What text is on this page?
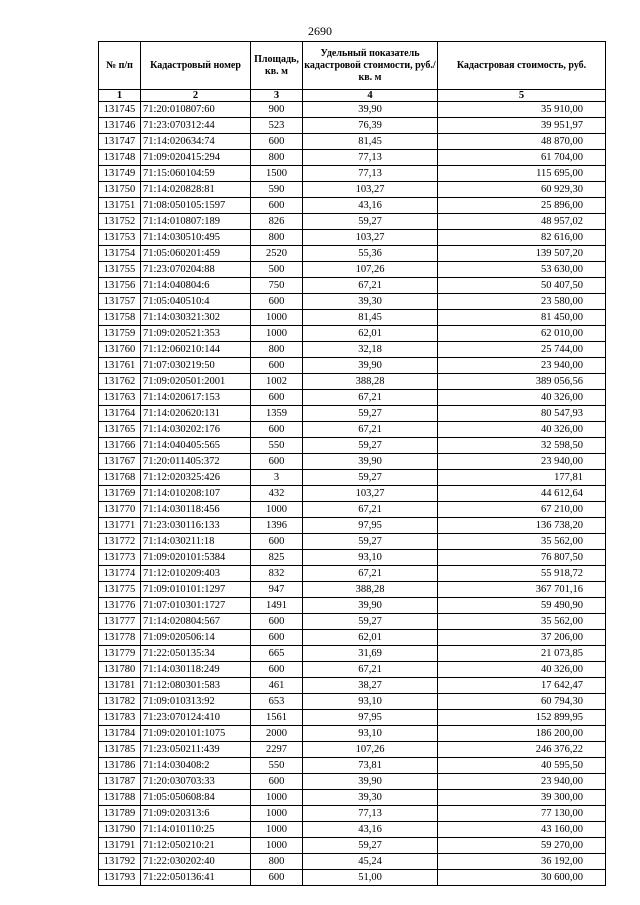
2690
№ п/п	Кадастровый номер	Площадь, кв. м	Удельный показатель кадастровой стоимости, руб./кв. м	Кадастровая стоимость, руб.
1	2	3	4	5
131745	71:20:010807:60	900	39,90	35 910,00
131746	71:23:070312:44	523	76,39	39 951,97
131747	71:14:020634:74	600	81,45	48 870,00
131748	71:09:020415:294	800	77,13	61 704,00
131749	71:15:060104:59	1500	77,13	115 695,00
131750	71:14:020828:81	590	103,27	60 929,30
131751	71:08:050105:1597	600	43,16	25 896,00
131752	71:14:010807:189	826	59,27	48 957,02
131753	71:14:030510:495	800	103,27	82 616,00
131754	71:05:060201:459	2520	55,36	139 507,20
131755	71:23:070204:88	500	107,26	53 630,00
131756	71:14:040804:6	750	67,21	50 407,50
131757	71:05:040510:4	600	39,30	23 580,00
131758	71:14:030321:302	1000	81,45	81 450,00
131759	71:09:020521:353	1000	62,01	62 010,00
131760	71:12:060210:144	800	32,18	25 744,00
131761	71:07:030219:50	600	39,90	23 940,00
131762	71:09:020501:2001	1002	388,28	389 056,56
131763	71:14:020617:153	600	67,21	40 326,00
131764	71:14:020620:131	1359	59,27	80 547,93
131765	71:14:030202:176	600	67,21	40 326,00
131766	71:14:040405:565	550	59,27	32 598,50
131767	71:20:011405:372	600	39,90	23 940,00
131768	71:12:020325:426	3	59,27	177,81
131769	71:14:010208:107	432	103,27	44 612,64
131770	71:14:030118:456	1000	67,21	67 210,00
131771	71:23:030116:133	1396	97,95	136 738,20
131772	71:14:030211:18	600	59,27	35 562,00
131773	71:09:020101:5384	825	93,10	76 807,50
131774	71:12:010209:403	832	67,21	55 918,72
131775	71:09:010101:1297	947	388,28	367 701,16
131776	71:07:010301:1727	1491	39,90	59 490,90
131777	71:14:020804:567	600	59,27	35 562,00
131778	71:09:020506:14	600	62,01	37 206,00
131779	71:22:050135:34	665	31,69	21 073,85
131780	71:14:030118:249	600	67,21	40 326,00
131781	71:12:080301:583	461	38,27	17 642,47
131782	71:09:010313:92	653	93,10	60 794,30
131783	71:23:070124:410	1561	97,95	152 899,95
131784	71:09:020101:1075	2000	93,10	186 200,00
131785	71:23:050211:439	2297	107,26	246 376,22
131786	71:14:030408:2	550	73,81	40 595,50
131787	71:20:030703:33	600	39,90	23 940,00
131788	71:05:050608:84	1000	39,30	39 300,00
131789	71:09:020313:6	1000	77,13	77 130,00
131790	71:14:010110:25	1000	43,16	43 160,00
131791	71:12:050210:21	1000	59,27	59 270,00
131792	71:22:030202:40	800	45,24	36 192,00
131793	71:22:050136:41	600	51,00	30 600,00
